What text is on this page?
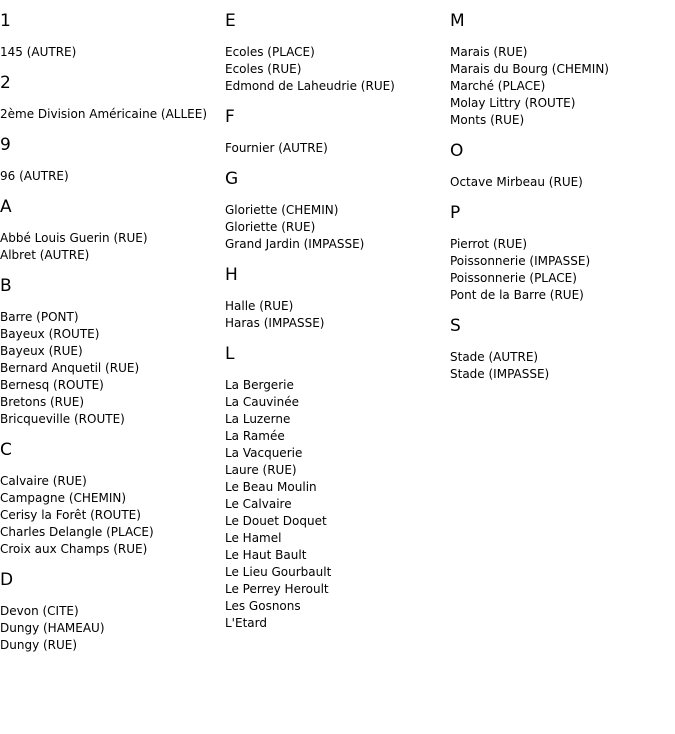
1
145 (AUTRE)
2
2ème Division Américaine (ALLEE)
9
96 (AUTRE)
A
Abbé Louis Guerin (RUE)
Albret (AUTRE)
B
Barre (PONT)
Bayeux (ROUTE)
Bayeux (RUE)
Bernard Anquetil (RUE)
Bernesq (ROUTE)
Bretons (RUE)
Bricqueville (ROUTE)
C
Calvaire (RUE)
Campagne (CHEMIN)
Cerisy la Forêt (ROUTE)
Charles Delangle (PLACE)
Croix aux Champs (RUE)
D
Devon (CITE)
Dungy (HAMEAU)
Dungy (RUE)
E
Ecoles (PLACE)
Ecoles (RUE)
Edmond de Laheudrie (RUE)
F
Fournier (AUTRE)
G
Gloriette (CHEMIN)
Gloriette (RUE)
Grand Jardin (IMPASSE)
H
Halle (RUE)
Haras (IMPASSE)
L
La Bergerie
La Cauvinée
La Luzerne
La Ramée
La Vacquerie
Laure (RUE)
Le Beau Moulin
Le Calvaire
Le Douet Doquet
Le Hamel
Le Haut Bault
Le Lieu Gourbault
Le Perrey Heroult
Les Gosnons
L'Etard
M
Marais (RUE)
Marais du Bourg (CHEMIN)
Marché (PLACE)
Molay Littry (ROUTE)
Monts (RUE)
O
Octave Mirbeau (RUE)
P
Pierrot (RUE)
Poissonnerie (IMPASSE)
Poissonnerie (PLACE)
Pont de la Barre (RUE)
S
Stade (AUTRE)
Stade (IMPASSE)
